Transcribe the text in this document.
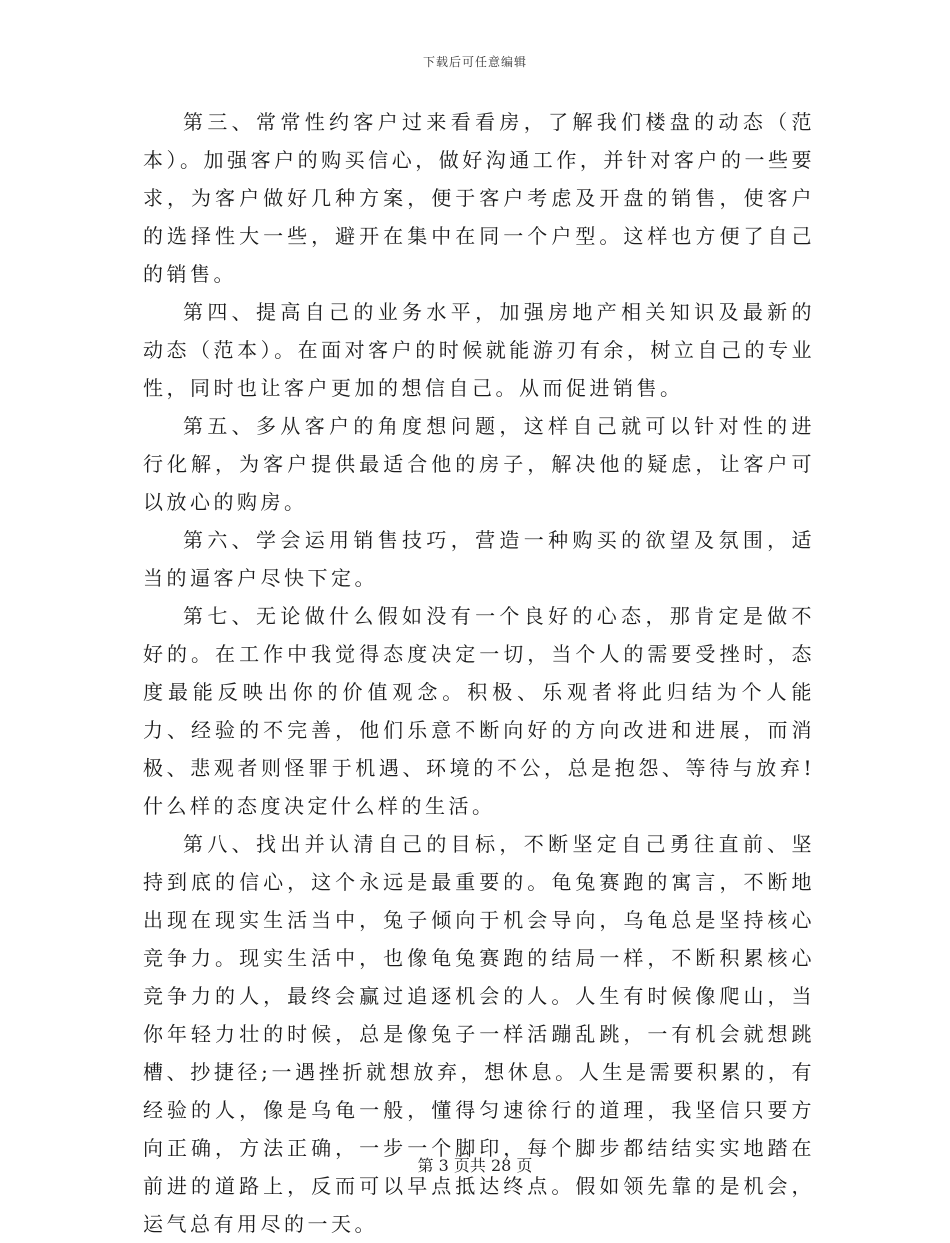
下载后可任意编辑

第三、常常性约客户过来看看房，了解我们楼盘的动态（范本）。加强客户的购买信心，做好沟通工作，并针对客户的一些要求，为客户做好几种方案，便于客户考虑及开盘的销售，使客户的选择性大一些，避开在集中在同一个户型。这样也方便了自己的销售。

第四、提高自己的业务水平，加强房地产相关知识及最新的动态（范本）。在面对客户的时候就能游刃有余，树立自己的专业性，同时也让客户更加的想信自己。从而促进销售。

第五、多从客户的角度想问题，这样自己就可以针对性的进行化解，为客户提供最适合他的房子，解决他的疑虑，让客户可以放心的购房。

第六、学会运用销售技巧，营造一种购买的欲望及氛围，适当的逼客户尽快下定。

第七、无论做什么假如没有一个良好的心态，那肯定是做不好的。在工作中我觉得态度决定一切，当个人的需要受挫时，态度最能反映出你的价值观念。积极、乐观者将此归结为个人能力、经验的不完善，他们乐意不断向好的方向改进和进展，而消极、悲观者则怪罪于机遇、环境的不公，总是抱怨、等待与放弃!什么样的态度决定什么样的生活。

第八、找出并认清自己的目标，不断坚定自己勇往直前、坚持到底的信心，这个永远是最重要的。龟兔赛跑的寓言，不断地出现在现实生活当中，兔子倾向于机会导向，乌龟总是坚持核心竞争力。现实生活中，也像龟兔赛跑的结局一样，不断积累核心竞争力的人，最终会赢过追逐机会的人。人生有时候像爬山，当你年轻力壮的时候，总是像兔子一样活蹦乱跳，一有机会就想跳槽、抄捷径;一遇挫折就想放弃，想休息。人生是需要积累的，有经验的人，像是乌龟一般，懂得匀速徐行的道理，我坚信只要方向正确，方法正确，一步一个脚印，每个脚步都结结实实地踏在前进的道路上，反而可以早点抵达终点。假如领先靠的是机会，运气总有用尽的一天。

第 3 页共 28 页
